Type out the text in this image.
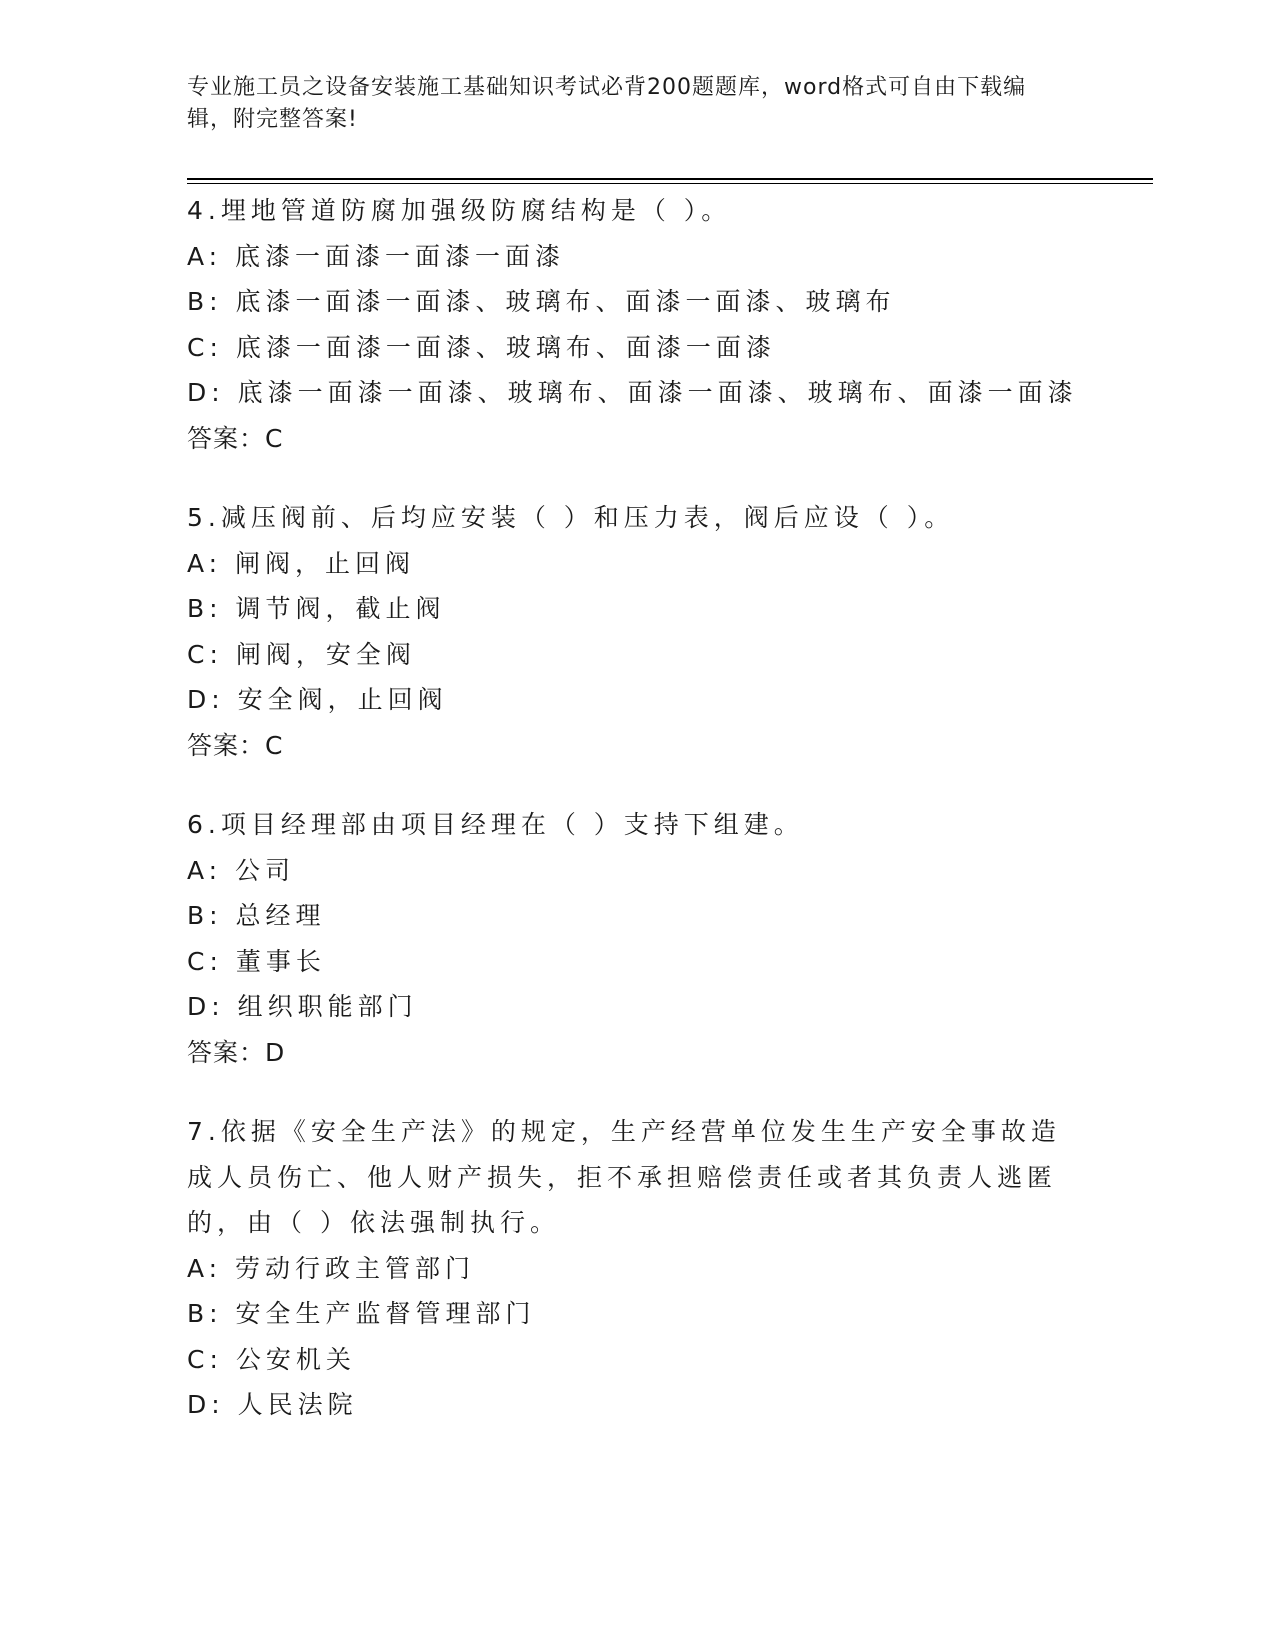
专业施工员之设备安装施工基础知识考试必背200题题库，word格式可自由下载编辑，附完整答案!
4.埋地管道防腐加强级防腐结构是（ ）。
A: 底漆一面漆一面漆一面漆
B: 底漆一面漆一面漆、玻璃布、面漆一面漆、玻璃布
C: 底漆一面漆一面漆、玻璃布、面漆一面漆
D: 底漆一面漆一面漆、玻璃布、面漆一面漆、玻璃布、面漆一面漆
答案：C
5.减压阀前、后均应安装（ ）和压力表，阀后应设（ ）。
A: 闸阀，止回阀
B: 调节阀，截止阀
C: 闸阀，安全阀
D: 安全阀，止回阀
答案：C
6.项目经理部由项目经理在（ ）支持下组建。
A: 公司
B: 总经理
C: 董事长
D: 组织职能部门
答案：D
7.依据《安全生产法》的规定，生产经营单位发生生产安全事故造成人员伤亡、他人财产损失，拒不承担赔偿责任或者其负责人逃匿的，由（ ）依法强制执行。
A: 劳动行政主管部门
B: 安全生产监督管理部门
C: 公安机关
D: 人民法院
